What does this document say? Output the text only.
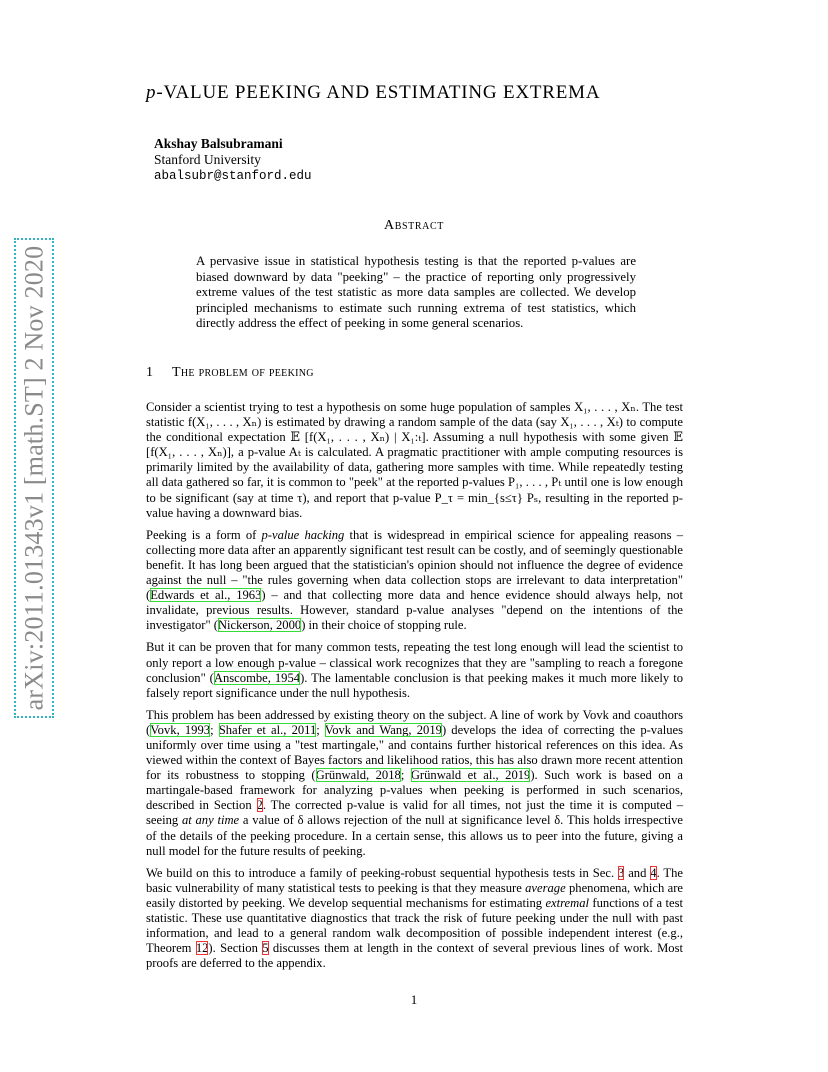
arXiv:2011.01343v1 [math.ST] 2 Nov 2020
p-VALUE PEEKING AND ESTIMATING EXTREMA
Akshay Balsubramani
Stanford University
abalsubr@stanford.edu
Abstract
A pervasive issue in statistical hypothesis testing is that the reported p-values are biased downward by data "peeking" – the practice of reporting only progressively extreme values of the test statistic as more data samples are collected. We develop principled mechanisms to estimate such running extrema of test statistics, which directly address the effect of peeking in some general scenarios.
1 The problem of peeking

Consider a scientist trying to test a hypothesis on some huge population of samples X₁, . . . , Xₙ. The test statistic f(X₁, . . . , Xₙ) is estimated by drawing a random sample of the data (say X₁, . . . , Xₜ) to compute the conditional expectation 𝔼 [f(X₁, . . . , Xₙ) | X₁:ₜ]. Assuming a null hypothesis with some given 𝔼 [f(X₁, . . . , Xₙ)], a p-value Aₜ is calculated. A pragmatic practitioner with ample computing resources is primarily limited by the availability of data, gathering more samples with time. While repeatedly testing all data gathered so far, it is common to "peek" at the reported p-values P₁, . . . , Pₜ until one is low enough to be significant (say at time τ), and report that p-value P_τ = min_{s≤τ} Pₛ, resulting in the reported p-value having a downward bias.

Peeking is a form of p-value hacking that is widespread in empirical science for appealing reasons – collecting more data after an apparently significant test result can be costly, and of seemingly questionable benefit. It has long been argued that the statistician's opinion should not influence the degree of evidence against the null – "the rules governing when data collection stops are irrelevant to data interpretation" (Edwards et al., 1963) – and that collecting more data and hence evidence should always help, not invalidate, previous results. However, standard p-value analyses "depend on the intentions of the investigator" (Nickerson, 2000) in their choice of stopping rule.

But it can be proven that for many common tests, repeating the test long enough will lead the scientist to only report a low enough p-value – classical work recognizes that they are "sampling to reach a foregone conclusion" (Anscombe, 1954). The lamentable conclusion is that peeking makes it much more likely to falsely report significance under the null hypothesis.

This problem has been addressed by existing theory on the subject. A line of work by Vovk and coauthors (Vovk, 1993; Shafer et al., 2011; Vovk and Wang, 2019) develops the idea of correcting the p-values uniformly over time using a "test martingale," and contains further historical references on this idea. As viewed within the context of Bayes factors and likelihood ratios, this has also drawn more recent attention for its robustness to stopping (Grünwald, 2018; Grünwald et al., 2019). Such work is based on a martingale-based framework for analyzing p-values when peeking is performed in such scenarios, described in Section 2. The corrected p-value is valid for all times, not just the time it is computed – seeing at any time a value of δ allows rejection of the null at significance level δ. This holds irrespective of the details of the peeking procedure. In a certain sense, this allows us to peer into the future, giving a null model for the future results of peeking.

We build on this to introduce a family of peeking-robust sequential hypothesis tests in Sec. 3 and 4. The basic vulnerability of many statistical tests to peeking is that they measure average phenomena, which are easily distorted by peeking. We develop sequential mechanisms for estimating extremal functions of a test statistic. These use quantitative diagnostics that track the risk of future peeking under the null with past information, and lead to a general random walk decomposition of possible independent interest (e.g., Theorem 12). Section 5 discusses them at length in the context of several previous lines of work. Most proofs are deferred to the appendix.

1
